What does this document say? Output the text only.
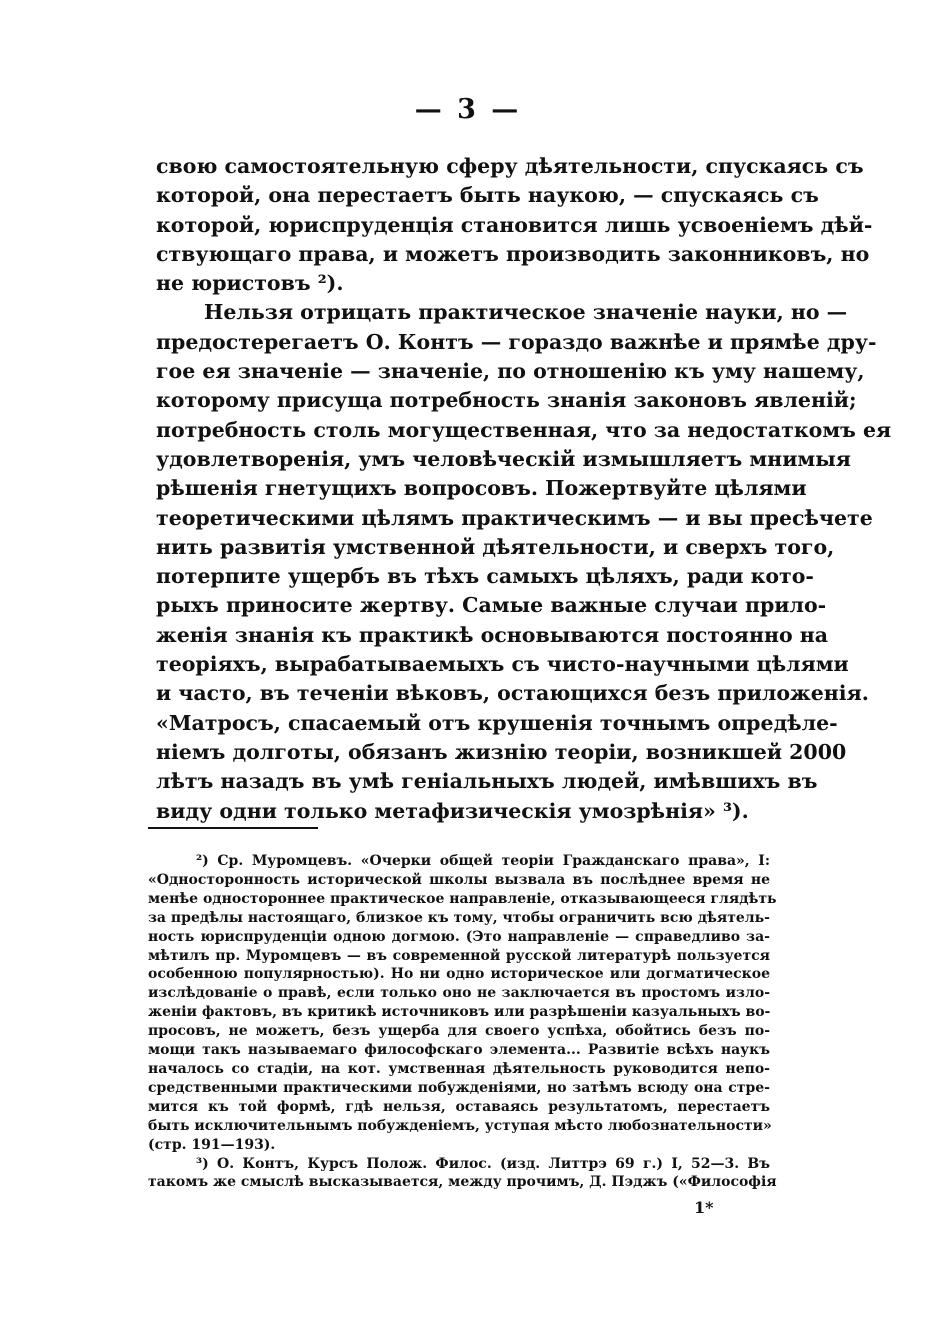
— 3 —
свою самостоятельную сферу дѣятельности, спускаясь съ
которой, она перестаетъ быть наукою, — спускаясь съ
которой, юриспруденція становится лишь усвоеніемъ дѣй-
ствующаго права, и можетъ производить законниковъ, но
не юристовъ ²).
Нельзя отрицать практическое значеніе науки, но —
предостерегаетъ О. Контъ — гораздо важнѣе и прямѣе дру-
гое ея значеніе — значеніе, по отношенію къ уму нашему,
которому присуща потребность знанія законовъ явленій;
потребность столь могущественная, что за недостаткомъ ея
удовлетворенія, умъ человѣческій измышляетъ мнимыя
рѣшенія гнетущихъ вопросовъ. Пожертвуйте цѣлями
теоретическими цѣлямъ практическимъ — и вы пресѣчете
нить развитія умственной дѣятельности, и сверхъ того,
потерпите ущербъ въ тѣхъ самыхъ цѣляхъ, ради кото-
рыхъ приносите жертву. Самые важные случаи прило-
женія знанія къ практикѣ основываются постоянно на
теоріяхъ, вырабатываемыхъ съ чисто-научными цѣлями
и часто, въ теченіи вѣковъ, остающихся безъ приложенія.
«Матросъ, спасаемый отъ крушенія точнымъ опредѣле-
ніемъ долготы, обязанъ жизнію теоріи, возникшей 2000
лѣтъ назадъ въ умѣ геніальныхъ людей, имѣвшихъ въ
виду одни только метафизическія умозрѣнія» ³).
²) Ср. Муромцевъ. «Очерки общей теоріи Гражданскаго права», I:
«Односторонность исторической школы вызвала въ послѣднее время не
менѣе одностороннее практическое направленіе, отказывающееся глядѣть
за предѣлы настоящаго, близкое къ тому, чтобы ограничить всю дѣятель-
ность юриспруденціи одною догмою. (Это направленіе — справедливо за-
мѣтилъ пр. Муромцевъ — въ современной русской литературѣ пользуется
особенною популярностью). Но ни одно историческое или догматическое
изслѣдованіе о правѣ, если только оно не заключается въ простомъ изло-
женіи фактовъ, въ критикѣ источниковъ или разрѣшеніи казуальныхъ во-
просовъ, не можетъ, безъ ущерба для своего успѣха, обойтись безъ по-
мощи такъ называемаго философскаго элемента... Развитіе всѣхъ наукъ
началось со стадіи, на кот. умственная дѣятельность руководится непо-
средственными практическими побужденіями, но затѣмъ всюду она стре-
мится къ той формѣ, гдѣ нельзя, оставаясь результатомъ, перестаетъ
быть исключительнымъ побужденіемъ, уступая мѣсто любознательности»
(стр. 191—193).
³) О. Контъ, Курсъ Полож. Филос. (изд. Литтрэ 69 г.) I, 52—3. Въ
такомъ же смыслѣ высказывается, между прочимъ, Д. Пэджъ («Философія
1*
